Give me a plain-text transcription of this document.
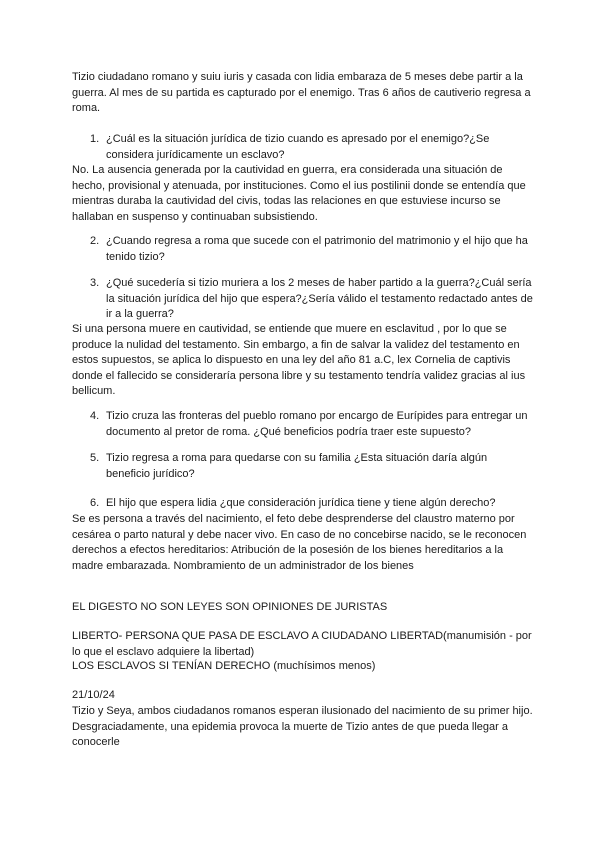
Tizio ciudadano romano y suiu iuris y casada con lidia embaraza de 5 meses debe partir a la guerra. Al mes de su partida es capturado por el enemigo. Tras 6 años de cautiverio regresa a roma.

1. ¿Cuál es la situación jurídica de tizio cuando es apresado por el enemigo?¿Se considera jurídicamente un esclavo?

No. La ausencia generada por la cautividad en guerra, era considerada una situación de hecho, provisional y atenuada, por instituciones. Como el ius postilinii donde se entendía que mientras duraba la cautividad del civis, todas las relaciones en que estuviese incurso se hallaban en suspenso y continuaban subsistiendo.

2. ¿Cuando regresa a roma que sucede con el patrimonio del matrimonio y el hijo que ha tenido tizio?
3. ¿Qué sucedería si tizio muriera a los 2 meses de haber partido a la guerra?¿Cuál sería la situación jurídica del hijo que espera?¿Sería válido el testamento redactado antes de ir a la guerra?

Si una persona muere en cautividad, se entiende que muere en esclavitud , por lo que se produce la nulidad del testamento. Sin embargo, a fin de salvar la validez del testamento en estos supuestos, se aplica lo dispuesto en una ley del año 81 a.C, lex Cornelia de captivis donde el fallecido se consideraría persona libre y su testamento tendría validez gracias al ius bellicum.

4. Tizio cruza las fronteras del pueblo romano por encargo de Eurípides para entregar un documento al pretor de roma. ¿Qué beneficios podría traer este supuesto?
5. Tizio regresa a roma para quedarse con su familia ¿Esta situación daría algún beneficio jurídico?
6. El hijo que espera lidia ¿que consideración jurídica tiene y tiene algún derecho?

Se es persona a través del nacimiento, el feto debe desprenderse del claustro materno por cesárea o parto natural y debe nacer vivo. En caso de no concebirse nacido, se le reconocen derechos a efectos hereditarios: Atribución de la posesión de los bienes hereditarios a la madre embarazada. Nombramiento de un administrador de los bienes

EL DIGESTO NO SON LEYES SON OPINIONES DE JURISTAS

LIBERTO- PERSONA QUE PASA DE ESCLAVO A CIUDADANO LIBERTAD(manumisión - por lo que el esclavo adquiere la libertad)

LOS ESCLAVOS SI TENÍAN DERECHO (muchísimos menos)

21/10/24

Tizio y Seya, ambos ciudadanos romanos esperan ilusionado del nacimiento de su primer hijo. Desgraciadamente, una epidemia provoca la muerte de Tizio antes de que pueda llegar a conocerle
